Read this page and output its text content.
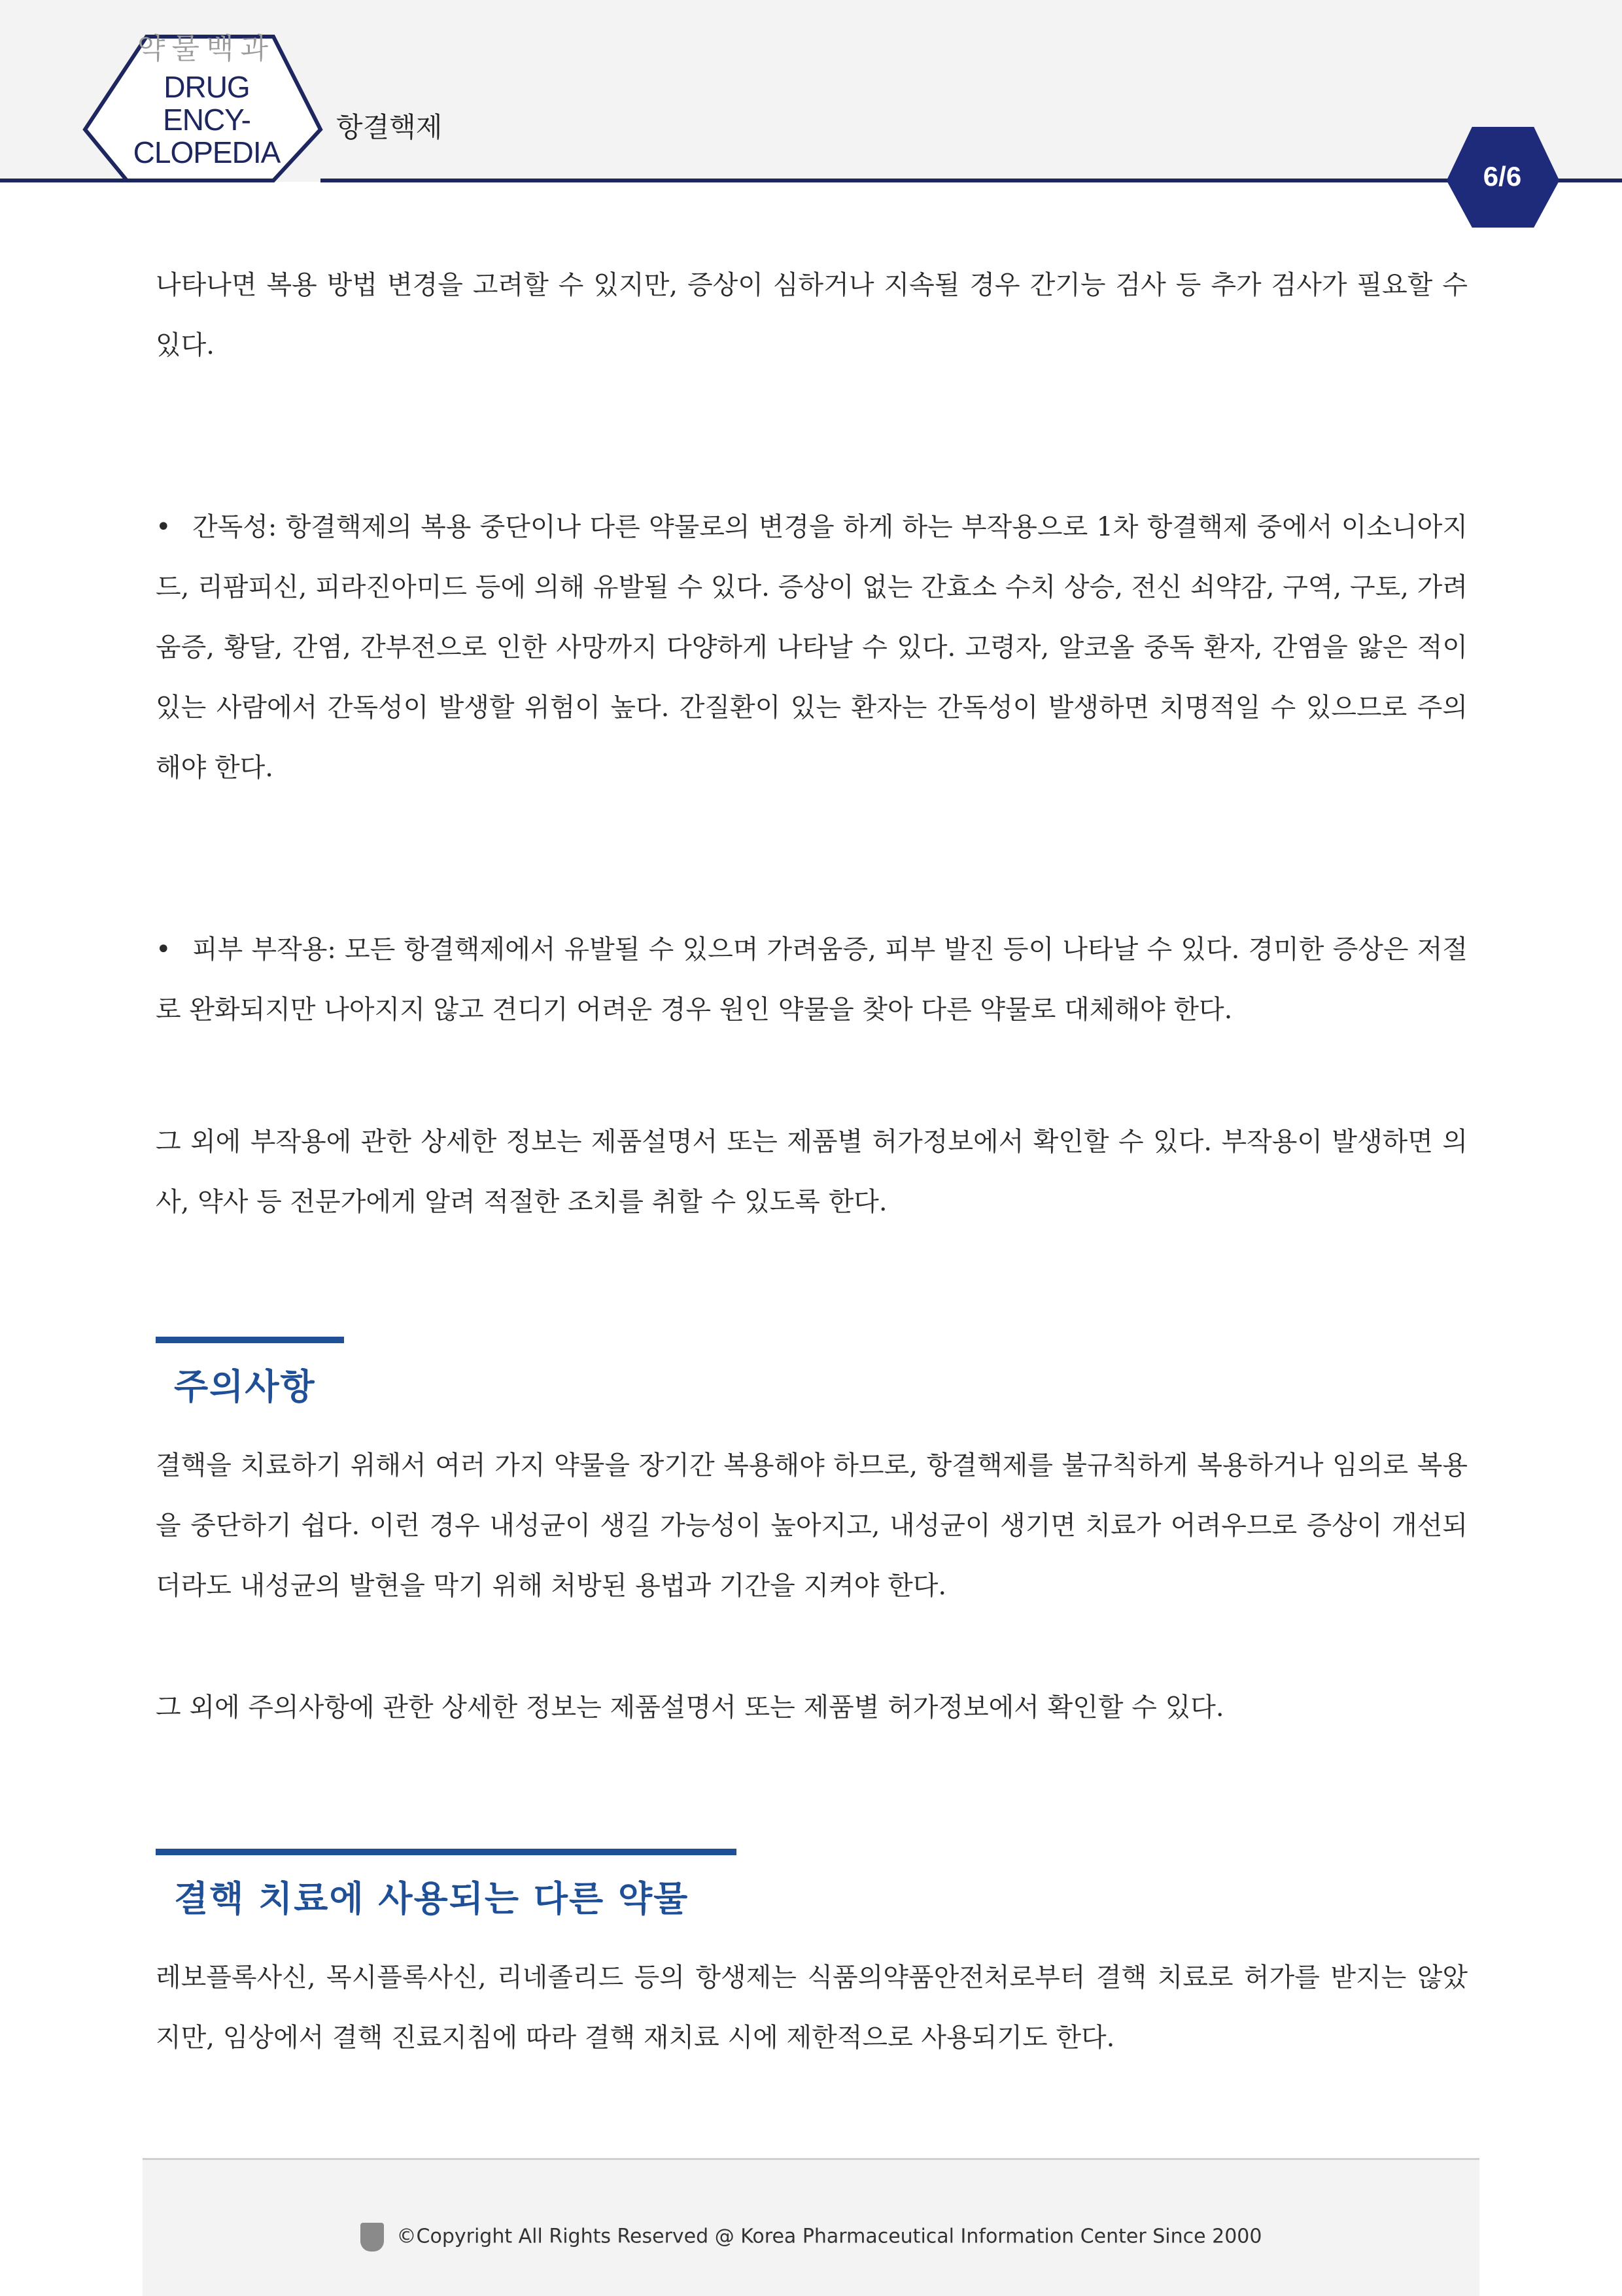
약물백과
DRUG ENCY-
CLOPEDIA
항결핵제
6/6

나타나면 복용 방법 변경을 고려할 수 있지만, 증상이 심하거나 지속될 경우 간기능 검사 등 추가 검사가 필요할 수 있다.

• 간독성: 항결핵제의 복용 중단이나 다른 약물로의 변경을 하게 하는 부작용으로 1차 항결핵제 중에서 이소니아지드, 리팜피신, 피라진아미드 등에 의해 유발될 수 있다. 증상이 없는 간효소 수치 상승, 전신 쇠약감, 구역, 구토, 가려움증, 황달, 간염, 간부전으로 인한 사망까지 다양하게 나타날 수 있다. 고령자, 알코올 중독 환자, 간염을 앓은 적이 있는 사람에서 간독성이 발생할 위험이 높다. 간질환이 있는 환자는 간독성이 발생하면 치명적일 수 있으므로 주의해야 한다.

• 피부 부작용: 모든 항결핵제에서 유발될 수 있으며 가려움증, 피부 발진 등이 나타날 수 있다. 경미한 증상은 저절로 완화되지만 나아지지 않고 견디기 어려운 경우 원인 약물을 찾아 다른 약물로 대체해야 한다.

그 외에 부작용에 관한 상세한 정보는 제품설명서 또는 제품별 허가정보에서 확인할 수 있다. 부작용이 발생하면 의사, 약사 등 전문가에게 알려 적절한 조치를 취할 수 있도록 한다.

주의사항

결핵을 치료하기 위해서 여러 가지 약물을 장기간 복용해야 하므로, 항결핵제를 불규칙하게 복용하거나 임의로 복용을 중단하기 쉽다. 이런 경우 내성균이 생길 가능성이 높아지고, 내성균이 생기면 치료가 어려우므로 증상이 개선되더라도 내성균의 발현을 막기 위해 처방된 용법과 기간을 지켜야 한다.

그 외에 주의사항에 관한 상세한 정보는 제품설명서 또는 제품별 허가정보에서 확인할 수 있다.

결핵 치료에 사용되는 다른 약물

레보플록사신, 목시플록사신, 리네졸리드 등의 항생제는 식품의약품안전처로부터 결핵 치료로 허가를 받지는 않았지만, 임상에서 결핵 진료지침에 따라 결핵 재치료 시에 제한적으로 사용되기도 한다.

©Copyright All Rights Reserved @ Korea Pharmaceutical Information Center Since 2000
